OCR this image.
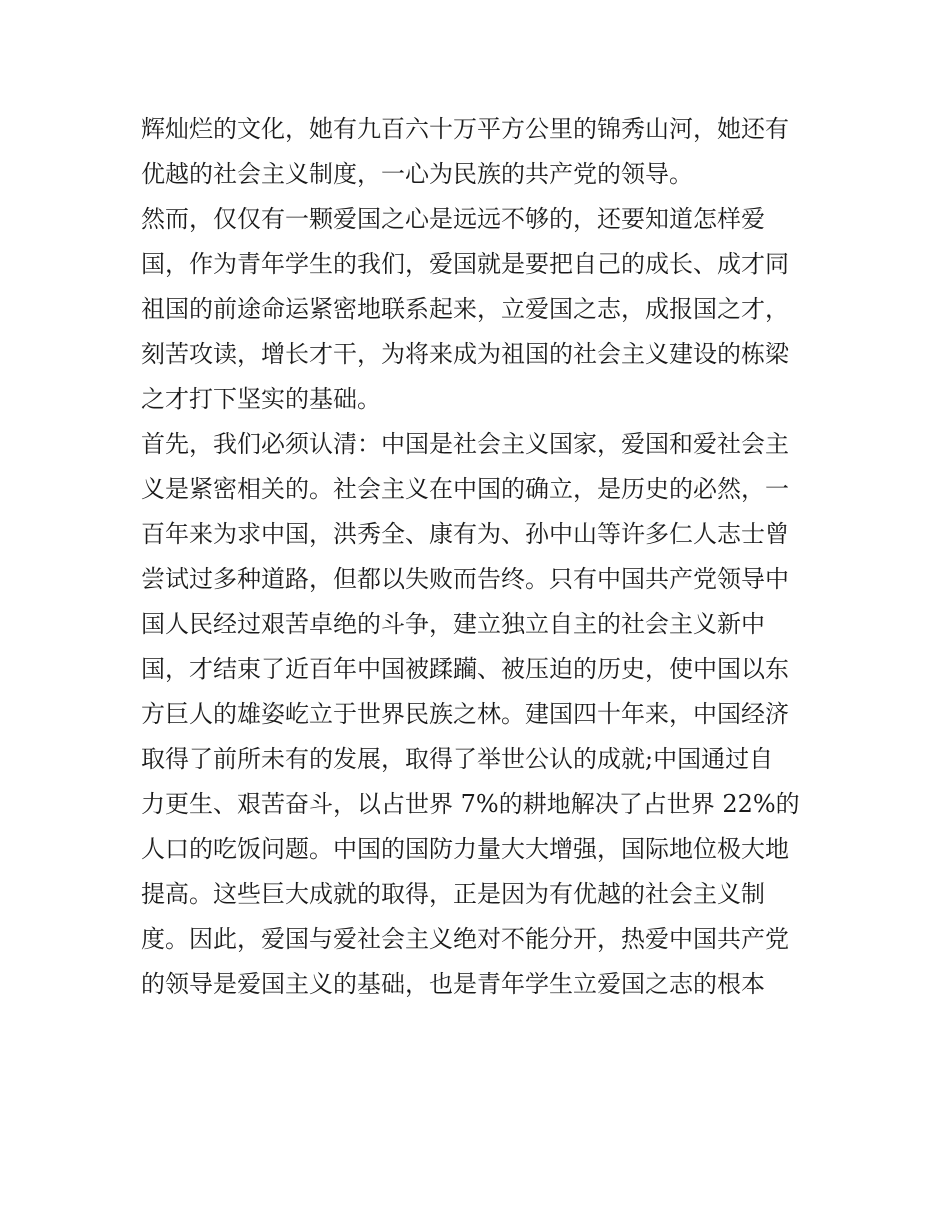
辉灿烂的文化，她有九百六十万平方公里的锦秀山河，她还有
优越的社会主义制度，一心为民族的共产党的领导。
然而，仅仅有一颗爱国之心是远远不够的，还要知道怎样爱
国，作为青年学生的我们，爱国就是要把自己的成长、成才同
祖国的前途命运紧密地联系起来，立爱国之志，成报国之才，
刻苦攻读，增长才干，为将来成为祖国的社会主义建设的栋梁
之才打下坚实的基础。
首先，我们必须认清：中国是社会主义国家，爱国和爱社会主
义是紧密相关的。社会主义在中国的确立，是历史的必然，一
百年来为求中国，洪秀全、康有为、孙中山等许多仁人志士曾
尝试过多种道路，但都以失败而告终。只有中国共产党领导中
国人民经过艰苦卓绝的斗争，建立独立自主的社会主义新中
国，才结束了近百年中国被蹂躏、被压迫的历史，使中国以东
方巨人的雄姿屹立于世界民族之林。建国四十年来，中国经济
取得了前所未有的发展，取得了举世公认的成就;中国通过自
力更生、艰苦奋斗，以占世界 7%的耕地解决了占世界 22%的
人口的吃饭问题。中国的国防力量大大增强，国际地位极大地
提高。这些巨大成就的取得，正是因为有优越的社会主义制
度。因此，爱国与爱社会主义绝对不能分开，热爱中国共产党
的领导是爱国主义的基础，也是青年学生立爱国之志的根本
